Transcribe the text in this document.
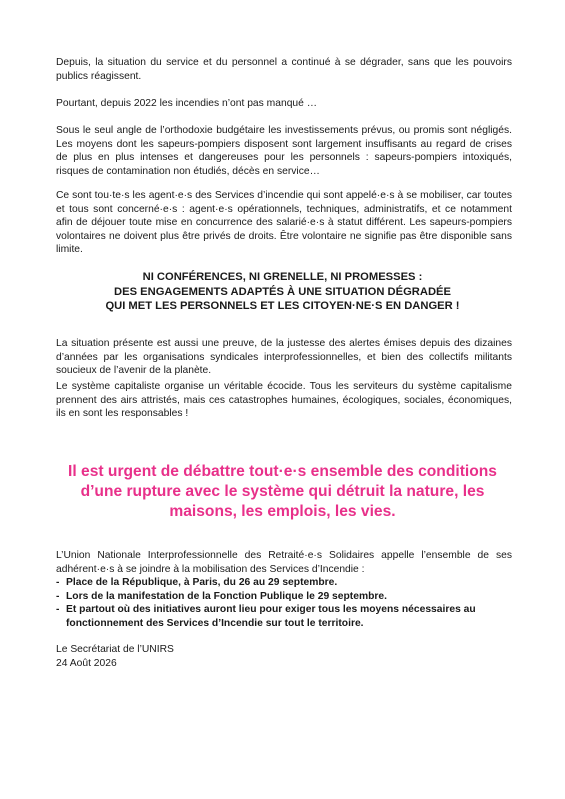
Depuis, la situation du service et du personnel a continué à se dégrader, sans que les pouvoirs publics réagissent.

Pourtant, depuis 2022 les incendies n’ont pas manqué …

Sous le seul angle de l’orthodoxie budgétaire les investissements prévus, ou promis sont négligés. Les moyens dont les sapeurs-pompiers disposent sont largement insuffisants au regard de crises de plus en plus intenses et dangereuses pour les personnels : sapeurs-pompiers intoxiqués, risques de contamination non étudiés, décès en service…

Ce sont tou·te·s les agent·e·s des Services d’incendie qui sont appelé·e·s à se mobiliser, car toutes et tous sont concerné·e·s : agent·e·s opérationnels, techniques, administratifs, et ce notamment afin de déjouer toute mise en concurrence des salarié·e·s à statut différent. Les sapeurs-pompiers volontaires ne doivent plus être privés de droits. Être volontaire ne signifie pas être disponible sans limite.

NI CONFÉRENCES, NI GRENELLE, NI PROMESSES :
DES ENGAGEMENTS ADAPTÉS À UNE SITUATION DÉGRADÉE
QUI MET LES PERSONNELS ET LES CITOYEN·NE·S EN DANGER !

La situation présente est aussi une preuve, de la justesse des alertes émises depuis des dizaines d’années par les organisations syndicales interprofessionnelles, et bien des collectifs militants soucieux de l’avenir de la planète.

Le système capitaliste organise un véritable écocide. Tous les serviteurs du système capitalisme prennent des airs attristés, mais ces catastrophes humaines, écologiques, sociales, économiques, ils en sont les responsables !

Il est urgent de débattre tout·e·s ensemble des conditions
d’une rupture avec le système qui détruit la nature, les
maisons, les emplois, les vies.

L’Union Nationale Interprofessionnelle des Retraité·e·s Solidaires appelle l’ensemble de ses adhérent·e·s à se joindre à la mobilisation des Services d’Incendie :

- Place de la République, à Paris, du 26 au 29 septembre.
- Lors de la manifestation de la Fonction Publique le 29 septembre.
- Et partout où des initiatives auront lieu pour exiger tous les moyens nécessaires au fonctionnement des Services d’Incendie sur tout le territoire.
Le Secrétariat de l’UNIRS
24 Août 2026
